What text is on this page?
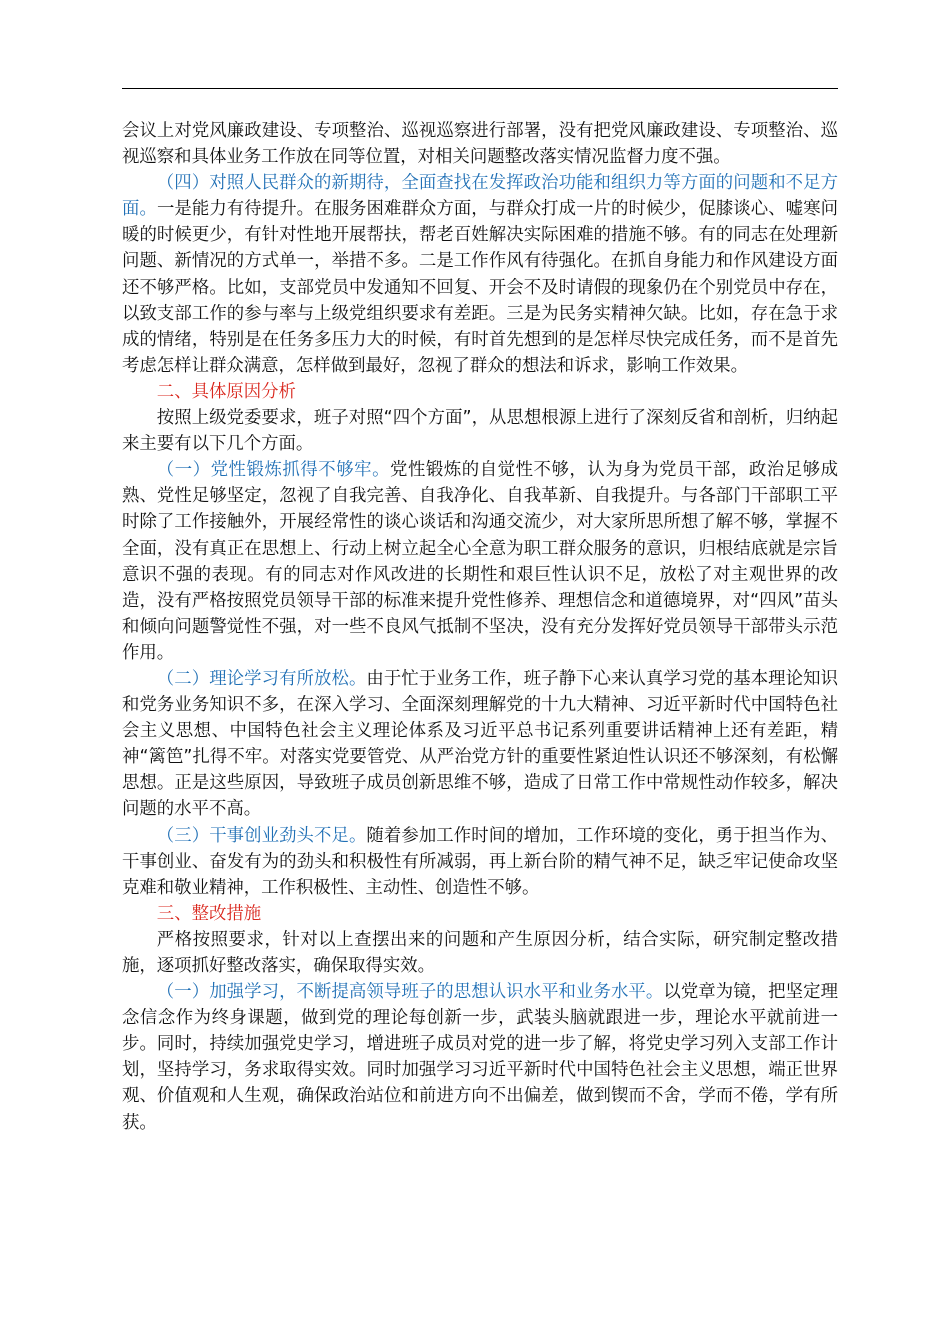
会议上对党风廉政建设、专项整治、巡视巡察进行部署，没有把党风廉政建设、专项整治、巡视巡察和具体业务工作放在同等位置，对相关问题整改落实情况监督力度不强。

（四）对照人民群众的新期待，全面查找在发挥政治功能和组织力等方面的问题和不足方面。一是能力有待提升。在服务困难群众方面，与群众打成一片的时候少，促膝谈心、嘘寒问暖的时候更少，有针对性地开展帮扶，帮老百姓解决实际困难的措施不够。有的同志在处理新问题、新情况的方式单一，举措不多。二是工作作风有待强化。在抓自身能力和作风建设方面还不够严格。比如，支部党员中发通知不回复、开会不及时请假的现象仍在个别党员中存在，以致支部工作的参与率与上级党组织要求有差距。三是为民务实精神欠缺。比如，存在急于求成的情绪，特别是在任务多压力大的时候，有时首先想到的是怎样尽快完成任务，而不是首先考虑怎样让群众满意，怎样做到最好，忽视了群众的想法和诉求，影响工作效果。

二、具体原因分析

按照上级党委要求，班子对照“四个方面”，从思想根源上进行了深刻反省和剖析，归纳起来主要有以下几个方面。

（一）党性锻炼抓得不够牢。党性锻炼的自觉性不够，认为身为党员干部，政治足够成熟、党性足够坚定，忽视了自我完善、自我净化、自我革新、自我提升。与各部门干部职工平时除了工作接触外，开展经常性的谈心谈话和沟通交流少，对大家所思所想了解不够，掌握不全面，没有真正在思想上、行动上树立起全心全意为职工群众服务的意识，归根结底就是宗旨意识不强的表现。有的同志对作风改进的长期性和艰巨性认识不足，放松了对主观世界的改造，没有严格按照党员领导干部的标准来提升党性修养、理想信念和道德境界，对“四风”苗头和倾向问题警觉性不强，对一些不良风气抵制不坚决，没有充分发挥好党员领导干部带头示范作用。

（二）理论学习有所放松。由于忙于业务工作，班子静下心来认真学习党的基本理论知识和党务业务知识不多，在深入学习、全面深刻理解党的十九大精神、习近平新时代中国特色社会主义思想、中国特色社会主义理论体系及习近平总书记系列重要讲话精神上还有差距，精神“篱笆”扎得不牢。对落实党要管党、从严治党方针的重要性紧迫性认识还不够深刻，有松懈思想。正是这些原因，导致班子成员创新思维不够，造成了日常工作中常规性动作较多，解决问题的水平不高。

（三）干事创业劲头不足。随着参加工作时间的增加，工作环境的变化，勇于担当作为、干事创业、奋发有为的劲头和积极性有所减弱，再上新台阶的精气神不足，缺乏牢记使命攻坚克难和敬业精神，工作积极性、主动性、创造性不够。

三、整改措施

严格按照要求，针对以上查摆出来的问题和产生原因分析，结合实际，研究制定整改措施，逐项抓好整改落实，确保取得实效。

（一）加强学习，不断提高领导班子的思想认识水平和业务水平。以党章为镜，把坚定理念信念作为终身课题，做到党的理论每创新一步，武装头脑就跟进一步，理论水平就前进一步。同时，持续加强党史学习，增进班子成员对党的进一步了解，将党史学习列入支部工作计划，坚持学习，务求取得实效。同时加强学习习近平新时代中国特色社会主义思想，端正世界观、价值观和人生观，确保政治站位和前进方向不出偏差，做到锲而不舍，学而不倦，学有所获。
